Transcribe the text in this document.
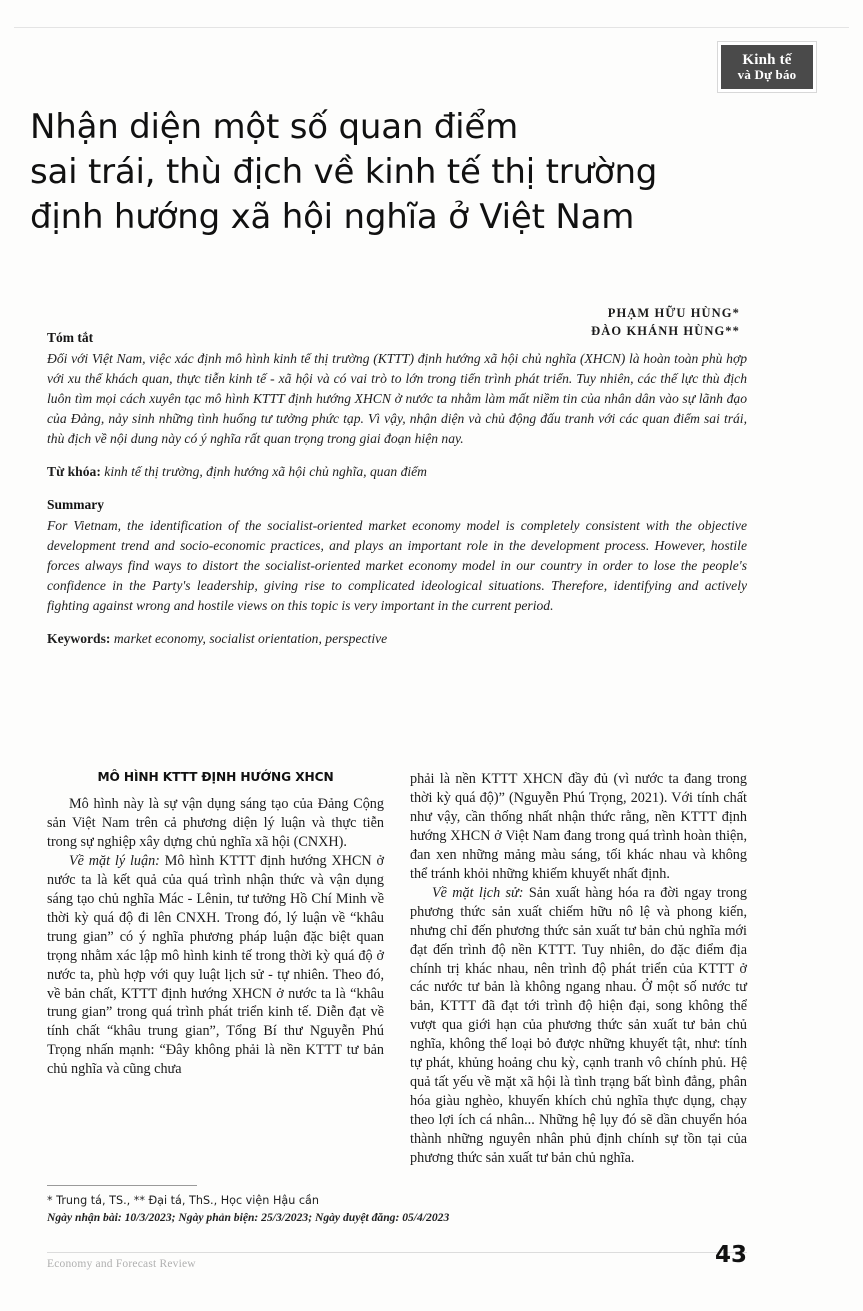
Kinh tế
và Dự báo
Nhận diện một số quan điểm
sai trái, thù địch về kinh tế thị trường
định hướng xã hội nghĩa ở Việt Nam
PHẠM HỮU HÙNG*
ĐÀO KHÁNH HÙNG**
Tóm tắt

Đối với Việt Nam, việc xác định mô hình kinh tế thị trường (KTTT) định hướng xã hội chủ nghĩa (XHCN) là hoàn toàn phù hợp với xu thế khách quan, thực tiễn kinh tế - xã hội và có vai trò to lớn trong tiến trình phát triển. Tuy nhiên, các thế lực thù địch luôn tìm mọi cách xuyên tạc mô hình KTTT định hướng XHCN ở nước ta nhằm làm mất niềm tin của nhân dân vào sự lãnh đạo của Đảng, nảy sinh những tình huống tư tưởng phức tạp. Vì vậy, nhận diện và chủ động đấu tranh với các quan điểm sai trái, thù địch về nội dung này có ý nghĩa rất quan trọng trong giai đoạn hiện nay.

Từ khóa: kinh tế thị trường, định hướng xã hội chủ nghĩa, quan điểm

Summary

For Vietnam, the identification of the socialist-oriented market economy model is completely consistent with the objective development trend and socio-economic practices, and plays an important role in the development process. However, hostile forces always find ways to distort the socialist-oriented market economy model in our country in order to lose the people's confidence in the Party's leadership, giving rise to complicated ideological situations. Therefore, identifying and actively fighting against wrong and hostile views on this topic is very important in the current period.

Keywords: market economy, socialist orientation, perspective

MÔ HÌNH KTTT ĐỊNH HƯỚNG XHCN

Mô hình này là sự vận dụng sáng tạo của Đảng Cộng sản Việt Nam trên cả phương diện lý luận và thực tiễn trong sự nghiệp xây dựng chủ nghĩa xã hội (CNXH).

Về mặt lý luận: Mô hình KTTT định hướng XHCN ở nước ta là kết quả của quá trình nhận thức và vận dụng sáng tạo chủ nghĩa Mác - Lênin, tư tưởng Hồ Chí Minh về thời kỳ quá độ đi lên CNXH. Trong đó, lý luận về “khâu trung gian” có ý nghĩa phương pháp luận đặc biệt quan trọng nhằm xác lập mô hình kinh tế trong thời kỳ quá độ ở nước ta, phù hợp với quy luật lịch sử - tự nhiên. Theo đó, về bản chất, KTTT định hướng XHCN ở nước ta là “khâu trung gian” trong quá trình phát triển kinh tế. Diễn đạt về tính chất “khâu trung gian”, Tổng Bí thư Nguyễn Phú Trọng nhấn mạnh: “Đây không phải là nền KTTT tư bản chủ nghĩa và cũng chưa

phải là nền KTTT XHCN đầy đủ (vì nước ta đang trong thời kỳ quá độ)” (Nguyễn Phú Trọng, 2021). Với tính chất như vậy, cần thống nhất nhận thức rằng, nền KTTT định hướng XHCN ở Việt Nam đang trong quá trình hoàn thiện, đan xen những mảng màu sáng, tối khác nhau và không thể tránh khỏi những khiếm khuyết nhất định.

Về mặt lịch sử: Sản xuất hàng hóa ra đời ngay trong phương thức sản xuất chiếm hữu nô lệ và phong kiến, nhưng chỉ đến phương thức sản xuất tư bản chủ nghĩa mới đạt đến trình độ nền KTTT. Tuy nhiên, do đặc điểm địa chính trị khác nhau, nên trình độ phát triển của KTTT ở các nước tư bản là không ngang nhau. Ở một số nước tư bản, KTTT đã đạt tới trình độ hiện đại, song không thể vượt qua giới hạn của phương thức sản xuất tư bản chủ nghĩa, không thể loại bỏ được những khuyết tật, như: tính tự phát, khủng hoảng chu kỳ, cạnh tranh vô chính phủ. Hệ quả tất yếu về mặt xã hội là tình trạng bất bình đẳng, phân hóa giàu nghèo, khuyến khích chủ nghĩa thực dụng, chạy theo lợi ích cá nhân... Những hệ lụy đó sẽ dần chuyển hóa thành những nguyên nhân phủ định chính sự tồn tại của phương thức sản xuất tư bản chủ nghĩa.

* Trung tá, TS., ** Đại tá, ThS., Học viện Hậu cần
Ngày nhận bài: 10/3/2023; Ngày phản biện: 25/3/2023; Ngày duyệt đăng: 05/4/2023
Economy and Forecast Review	43
